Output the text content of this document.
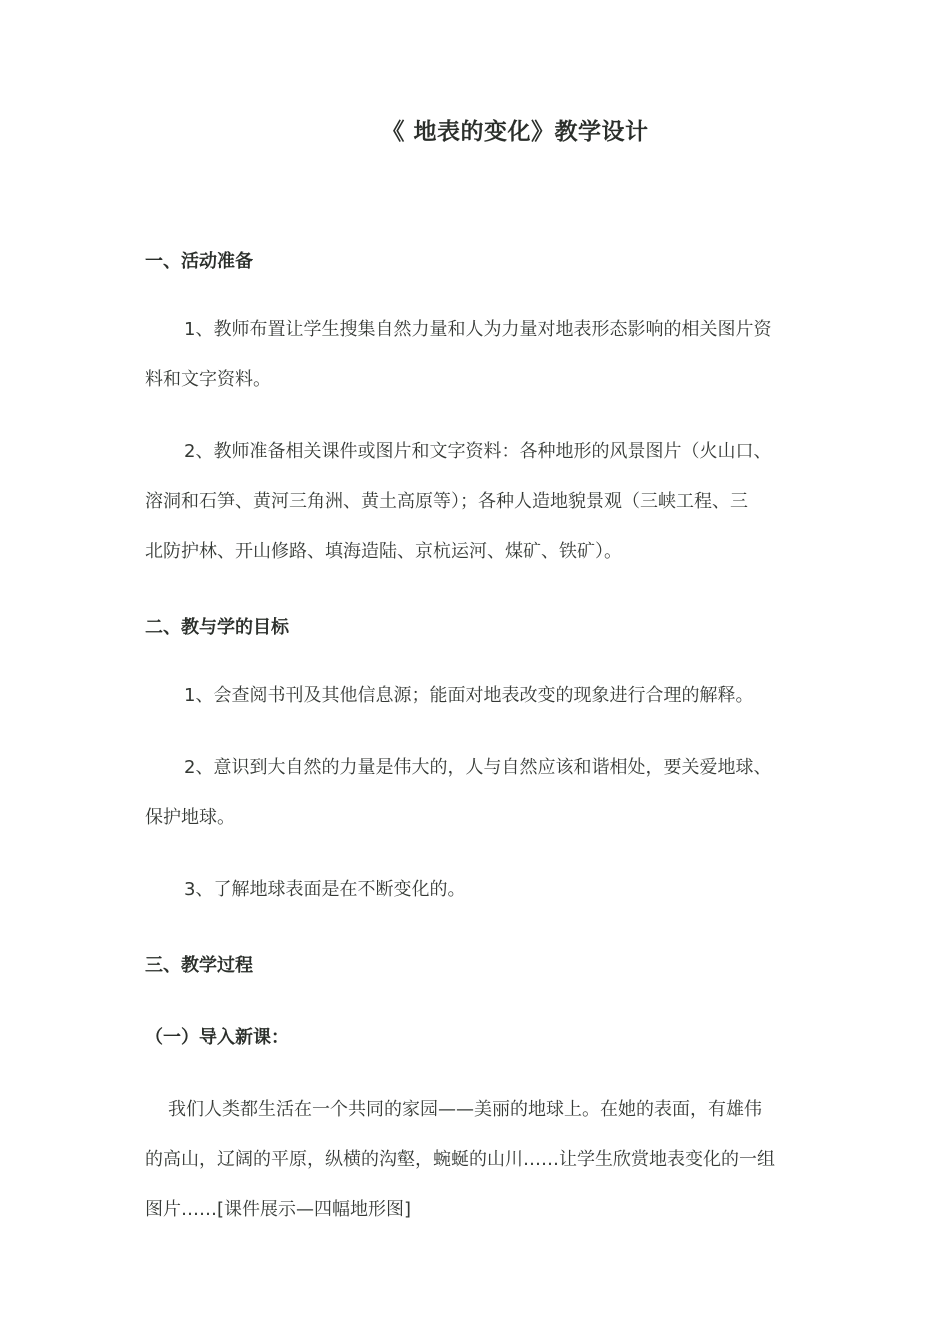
《 地表的变化》教学设计
一、活动准备
1、教师布置让学生搜集自然力量和人为力量对地表形态影响的相关图片资
料和文字资料。
2、教师准备相关课件或图片和文字资料：各种地形的风景图片（火山口、
溶洞和石笋、黄河三角洲、黄土高原等）；各种人造地貌景观（三峡工程、三
北防护林、开山修路、填海造陆、京杭运河、煤矿、铁矿）。
二、教与学的目标
1、会查阅书刊及其他信息源；能面对地表改变的现象进行合理的解释。
2、意识到大自然的力量是伟大的，人与自然应该和谐相处，要关爱地球、
保护地球。
3、了解地球表面是在不断变化的。
三、教学过程
（一）导入新课：
我们人类都生活在一个共同的家园——美丽的地球上。在她的表面，有雄伟
的高山，辽阔的平原，纵横的沟壑，蜿蜒的山川……让学生欣赏地表变化的一组
图片……[课件展示—四幅地形图]
